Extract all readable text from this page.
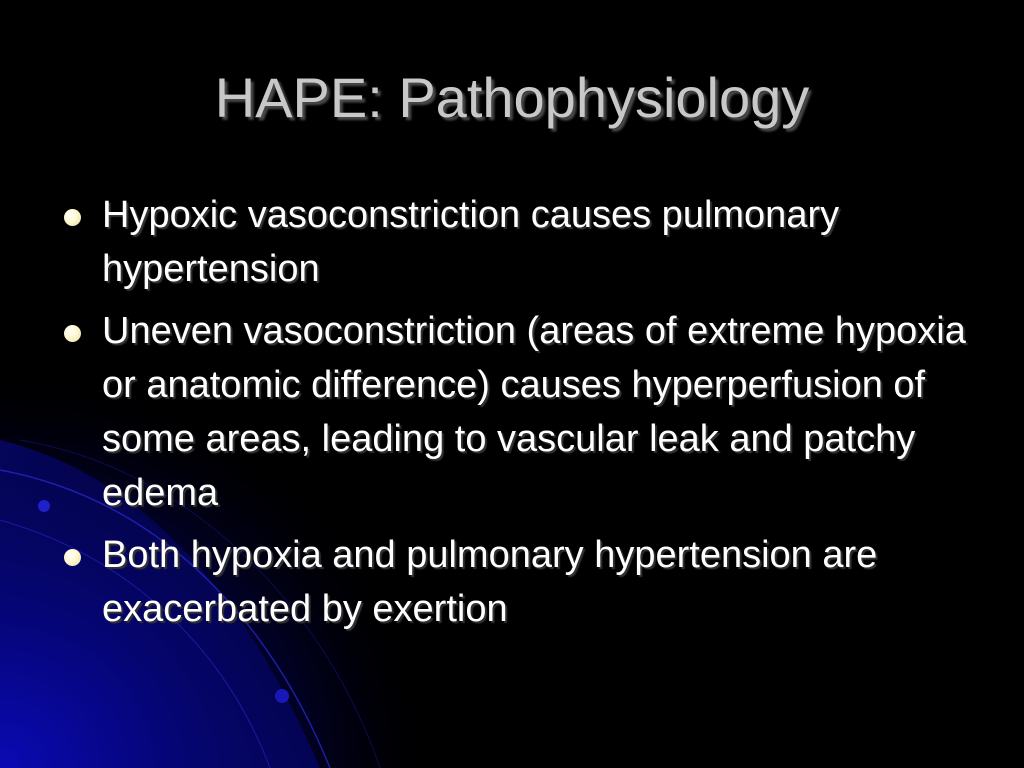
HAPE: Pathophysiology
Hypoxic vasoconstriction causes pulmonary hypertension
Uneven vasoconstriction (areas of extreme hypoxia or anatomic difference) causes hyperperfusion of some areas, leading to vascular leak and patchy edema
Both hypoxia and pulmonary hypertension are exacerbated by exertion
